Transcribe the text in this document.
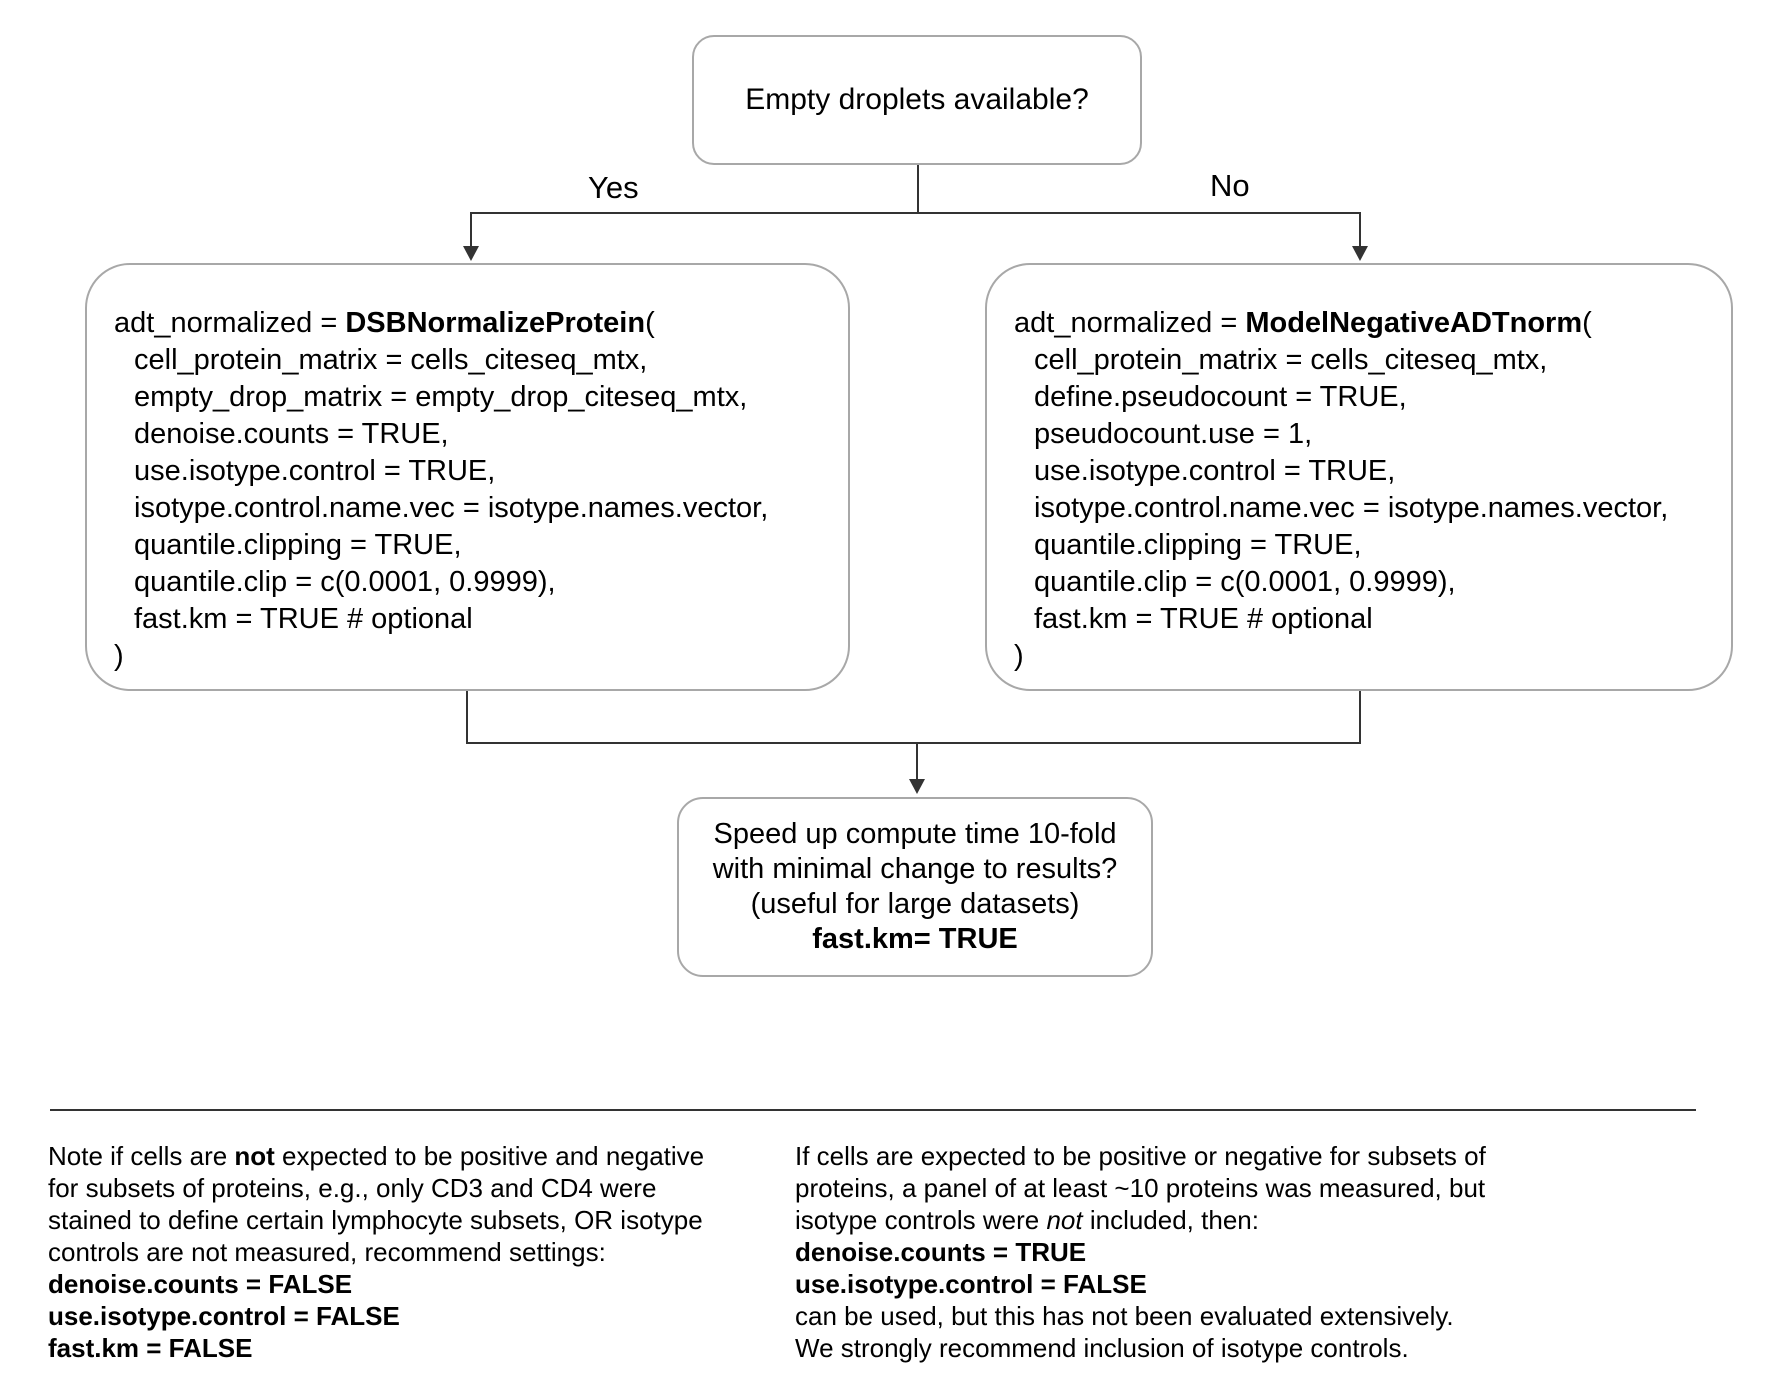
Empty droplets available?
Yes	No
adt_normalized = DSBNormalizeProtein(
cell_protein_matrix = cells_citeseq_mtx,
empty_drop_matrix = empty_drop_citeseq_mtx,
denoise.counts = TRUE,
use.isotype.control = TRUE,
isotype.control.name.vec = isotype.names.vector,
quantile.clipping = TRUE,
quantile.clip = c(0.0001, 0.9999),
fast.km = TRUE # optional
)
adt_normalized = ModelNegativeADTnorm(
cell_protein_matrix = cells_citeseq_mtx,
define.pseudocount = TRUE,
pseudocount.use = 1,
use.isotype.control = TRUE,
isotype.control.name.vec = isotype.names.vector,
quantile.clipping = TRUE,
quantile.clip = c(0.0001, 0.9999),
fast.km = TRUE # optional
)
Speed up compute time 10-fold
with minimal change to results?
(useful for large datasets)
fast.km= TRUE
Note if cells are not expected to be positive and negative
for subsets of proteins, e.g., only CD3 and CD4 were
stained to define certain lymphocyte subsets, OR isotype
controls are not measured, recommend settings:
denoise.counts = FALSE
use.isotype.control = FALSE
fast.km = FALSE
If cells are expected to be positive or negative for subsets of
proteins, a panel of at least ~10 proteins was measured, but
isotype controls were not included, then:
denoise.counts = TRUE
use.isotype.control = FALSE
can be used, but this has not been evaluated extensively.
We strongly recommend inclusion of isotype controls.
